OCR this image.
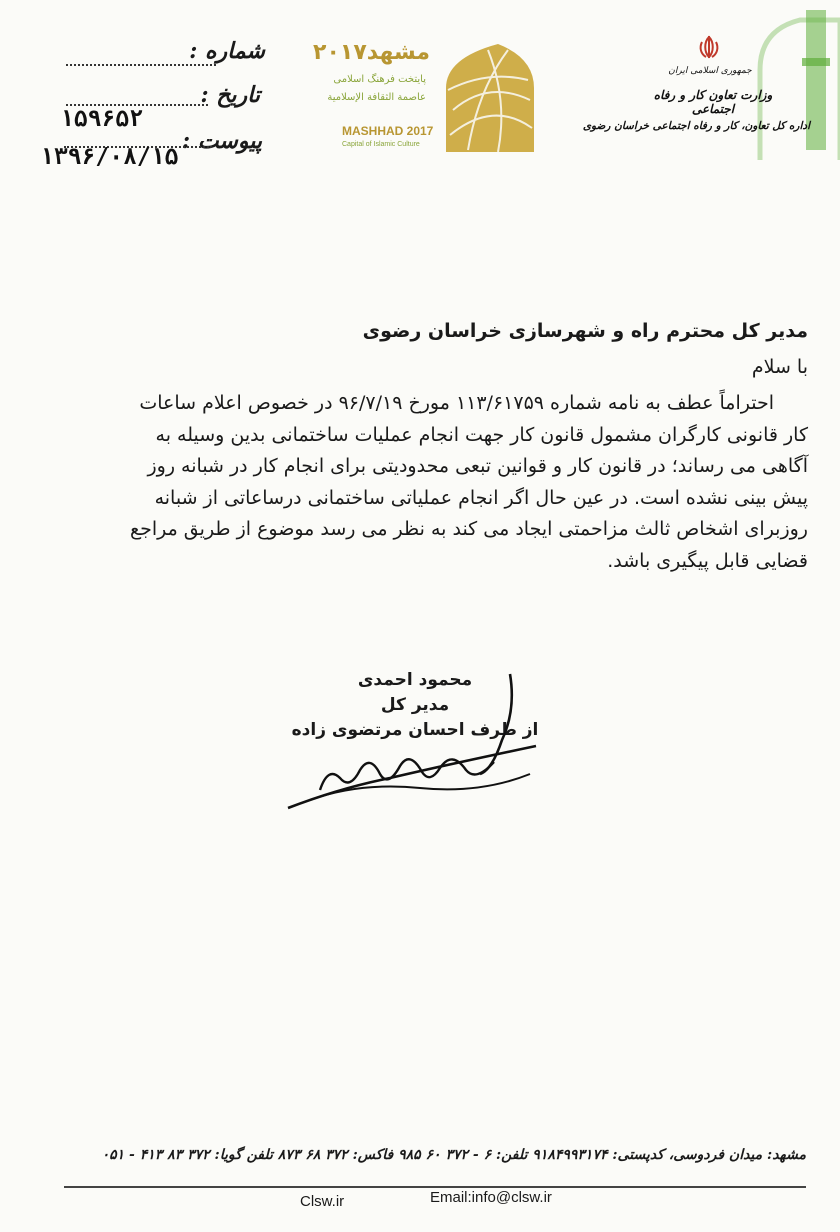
شماره :
تاریخ :
پیوست :
۱۵۹۶۵۲
۱۳۹۶/۰۸/۱۵
مشهد۲۰۱۷
پایتخت فرهنگ اسلامی
عاصمة الثقافة الإسلامية
MASHHAD 2017
Capital of Islamic Culture
جمهوری اسلامی ایران
وزارت تعاون کار و رفاه اجتماعی
اداره کل تعاون، کار و رفاه اجتماعی خراسان رضوی
مدیر کل محترم راه و شهرسازی خراسان رضوی
با سلام
احتراماً عطف به نامه شماره ۱۱۳/۶۱۷۵۹ مورخ ۹۶/۷/۱۹ در خصوص اعلام ساعات
کار قانونی کارگران مشمول قانون کار جهت انجام عملیات ساختمانی بدین وسیله به
آگاهی می رساند؛ در قانون کار و قوانین تبعی محدودیتی برای انجام کار در شبانه روز
پیش بینی نشده است. در عین حال اگر انجام عملیاتی ساختمانی درساعاتی از شبانه
روزبرای اشخاص ثالث مزاحمتی ایجاد می کند به نظر می رسد موضوع از طریق مراجع
قضایی قابل پیگیری باشد.
محمود احمدی
مدیر کل
از طرف احسان مرتضوی زاده
مشهد: میدان فردوسی، کدپستی: ۹۱۸۴۹۹۳۱۷۴ تلفن: ۶ - ۳۷۲ ۶۰ ۹۸۵ فاکس: ۳۷۲ ۶۸ ۸۷۳ تلفن گویا: ۳۷۲ ۸۳ ۴۱۳ - ۰۵۱
Clsw.ir	Email:info@clsw.ir
